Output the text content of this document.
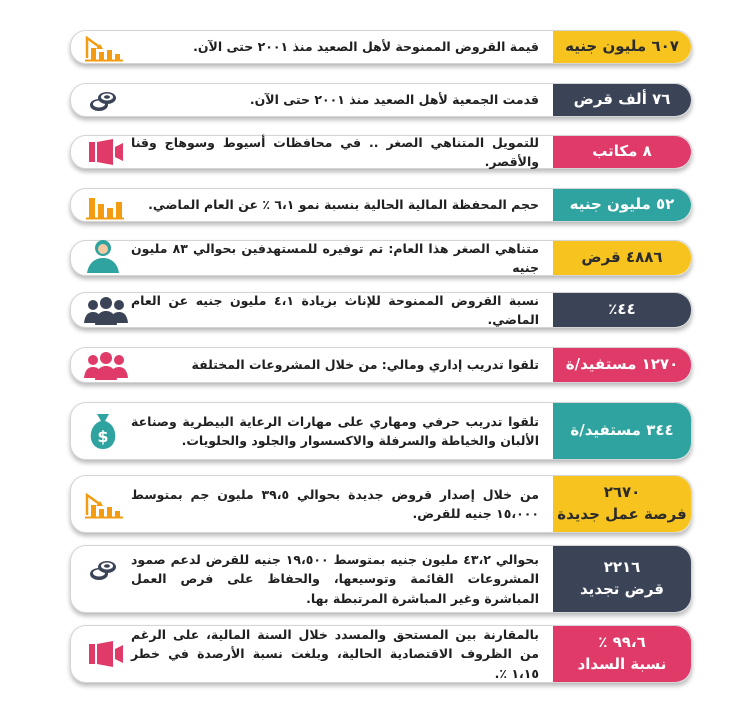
قيمة القروض الممنوحة لأهل الصعيد منذ ٢٠٠١ حتى الآن. ٦٠٧ مليون جنيه
قدمت الجمعية لأهل الصعيد منذ ٢٠٠١ حتى الآن. ٧٦ ألف قرض
للتمويل المتناهي الصغر .. في محافظات أسيوط وسوهاج وقنا والأقصر.
٨ مكاتب
حجم المحفظة المالية الحالية بنسبة نمو ٦،١ ٪ عن العام الماضي. ٥٢ مليون جنيه
متناهي الصغر هذا العام: تم توفيره للمستهدفين بحوالي ٨٣ مليون جنيه
٤٨٨٦ قرض
نسبة القروض الممنوحة للإناث بزيادة ٤،١ مليون جنيه عن العام الماضي.
٤٤٪
تلقوا تدريب إداري ومالي: من خلال المشروعات المختلفة ١٢٧٠ مستفيد/ة
$
تلقوا تدريب حرفي ومهاري على مهارات الرعاية البيطرية وصناعة الألبان والخياطة والسرفلة والاكسسوار والجلود والحلويات.
٣٤٤ مستفيد/ة
من خلال إصدار قروض جديدة بحوالي ٣٩،٥ مليون جم بمتوسط ١٥،٠٠٠ جنيه للقرض.
٢٦٧٠
فرصة عمل جديدة
بحوالي ٤٣،٢ مليون جنيه بمتوسط ١٩،٥٠٠ جنيه للقرض لدعم صمود المشروعات القائمة وتوسيعها، والحفاظ على فرص العمل المباشرة وغير المباشرة المرتبطة بها.
٢٢١٦
قرض تجديد
بالمقارنة بين المستحق والمسدد خلال السنة المالية، على الرغم من الظروف الاقتصادية الحالية، وبلغت نسبة الأرصدة في خطر ١،١٥ ٪.
٩٩،٦ ٪
نسبة السداد
